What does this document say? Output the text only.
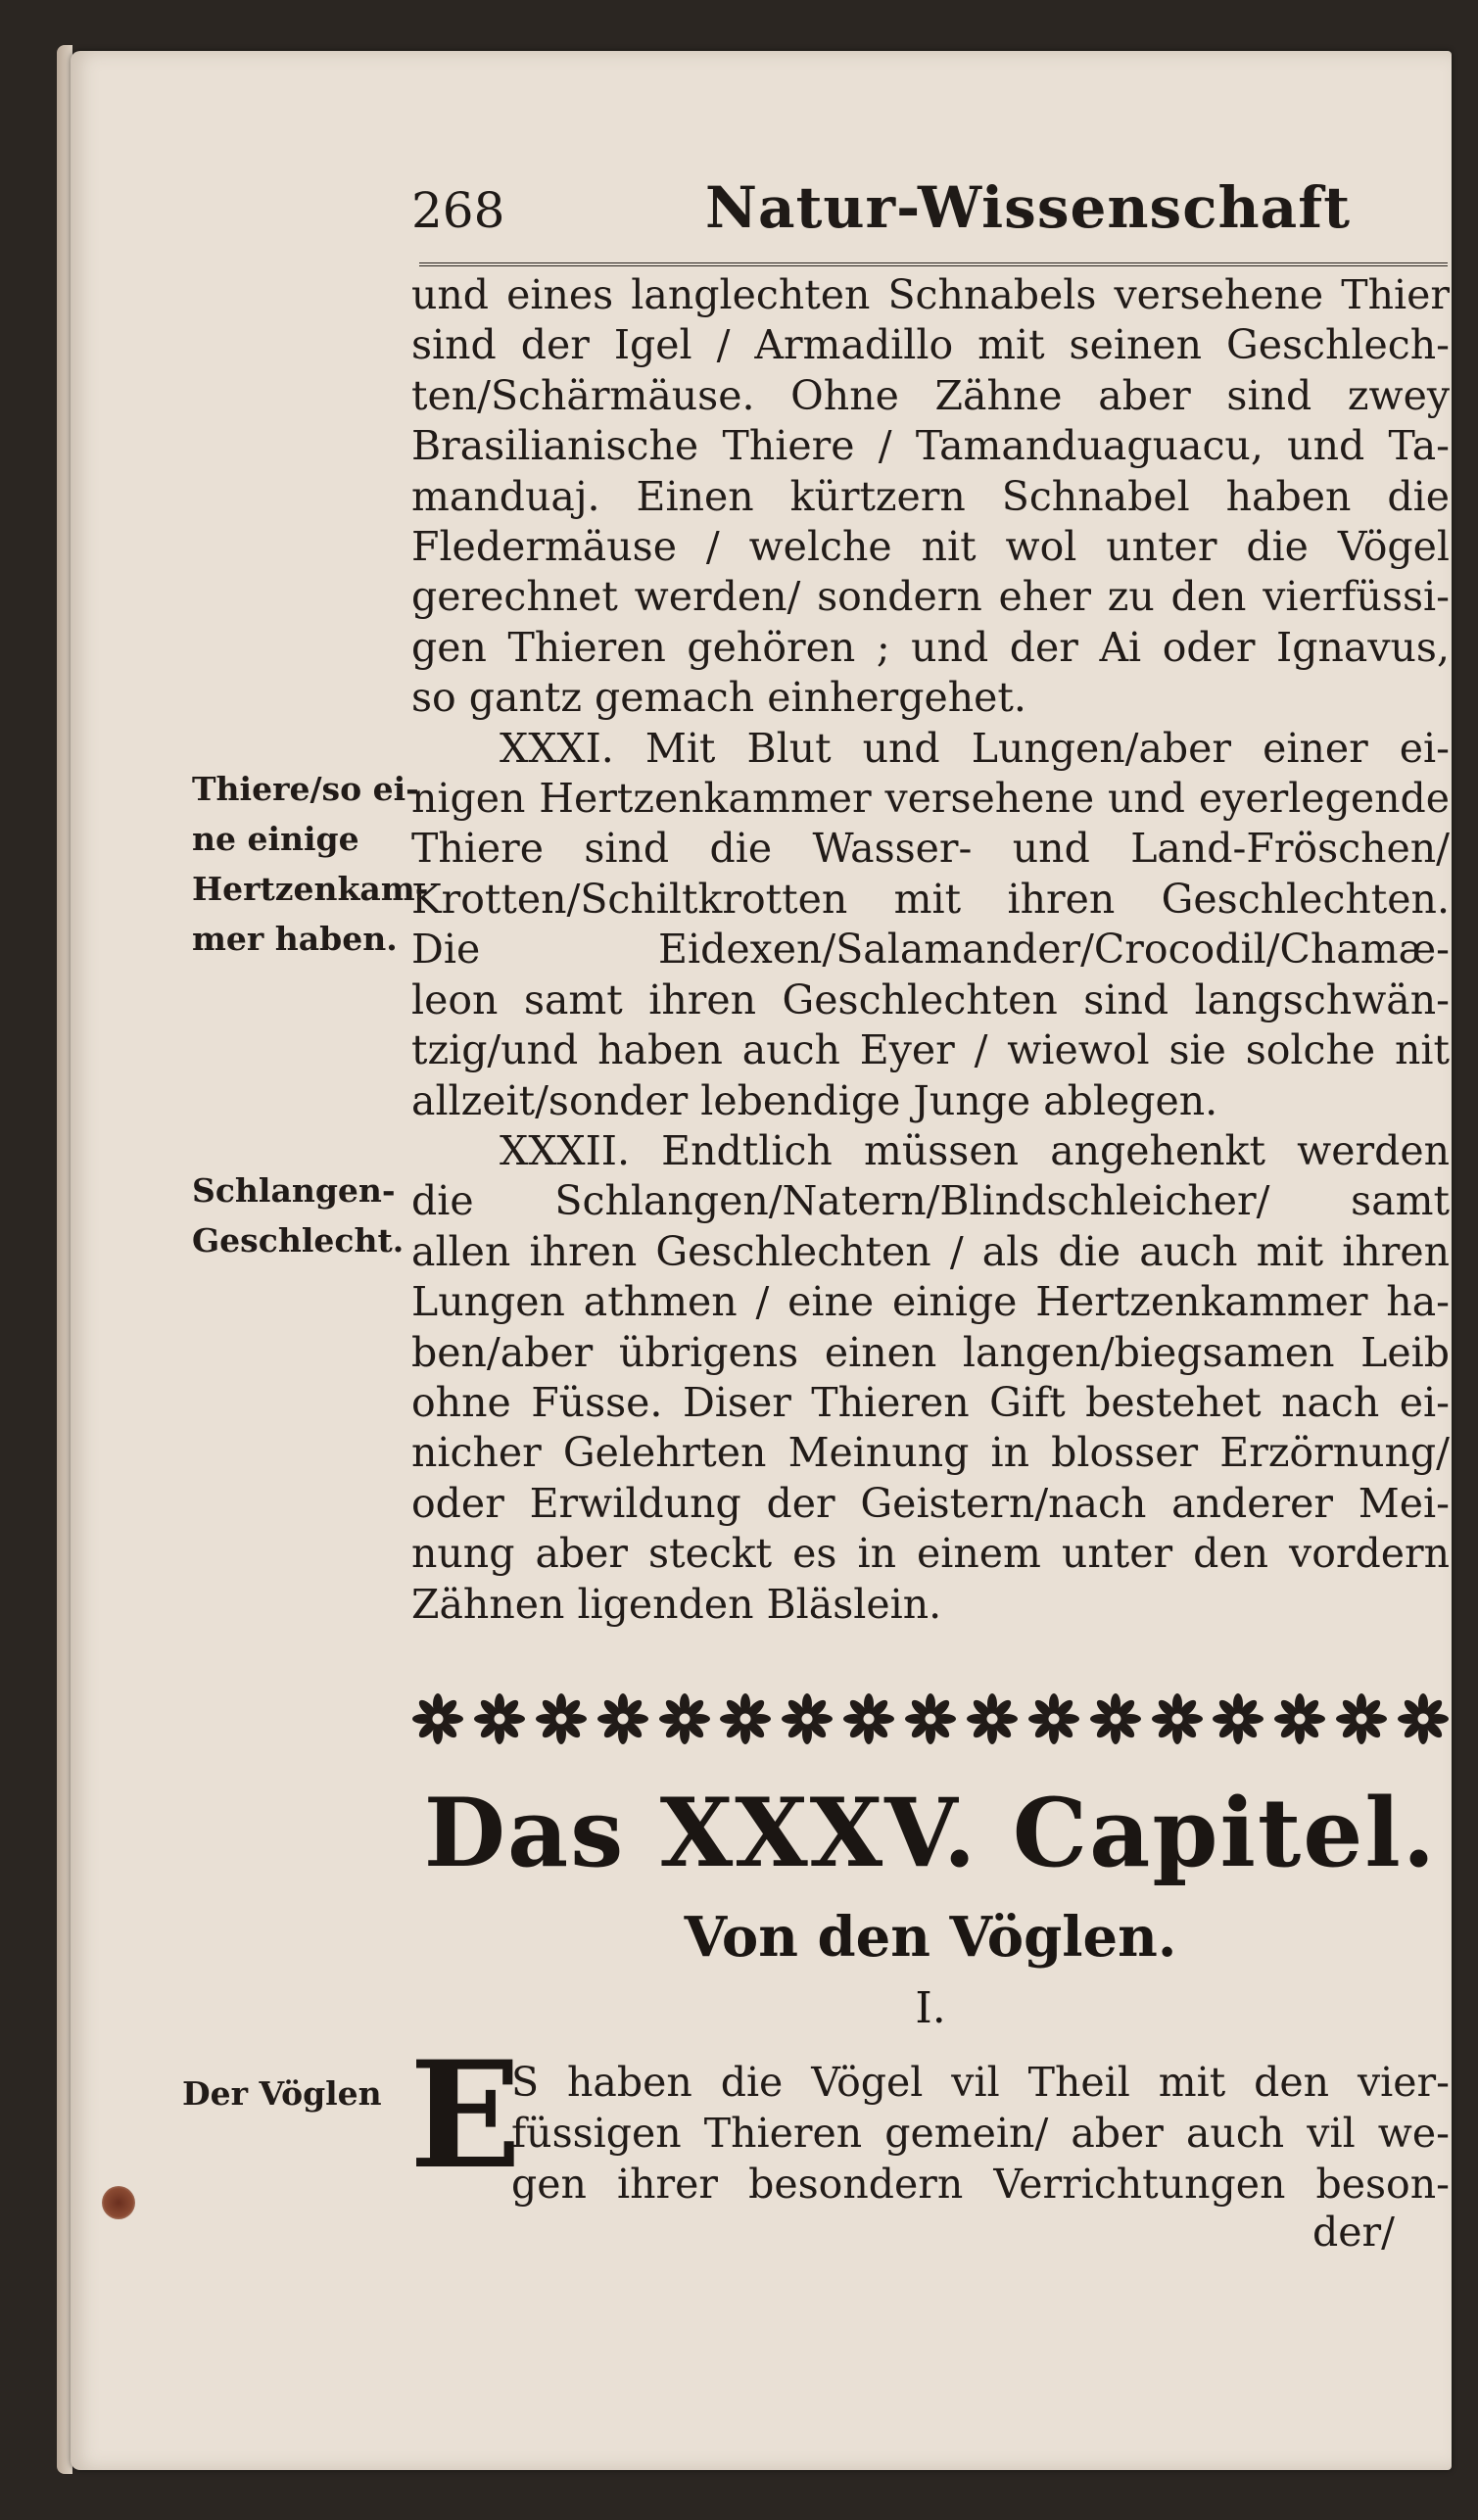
268	Natur-Wissenschaft
und eines langlechten Schnabels versehene Thier
sind der Igel / Armadillo mit seinen Geschlech-
ten/Schärmäuse. Ohne Zähne aber sind zwey
Brasilianische Thiere / Tamanduaguacu, und Ta-
manduaj. Einen kürtzern Schnabel haben die
Fledermäuse / welche nit wol unter die Vögel
gerechnet werden/ sondern eher zu den vierfüssi-
gen Thieren gehören ; und der Ai oder Ignavus,
so gantz gemach einhergehet.
XXXI. Mit Blut und Lungen/aber einer ei-
nigen Hertzenkammer versehene und eyerlegende
Thiere sind die Wasser- und Land-Fröschen/
Krotten/Schiltkrotten mit ihren Geschlechten.
Die Eidexen/Salamander/Crocodil/Chamæ-
leon samt ihren Geschlechten sind langschwän-
tzig/und haben auch Eyer / wiewol sie solche nit
allzeit/sonder lebendige Junge ablegen.
XXXII. Endtlich müssen angehenkt werden
die Schlangen/Natern/Blindschleicher/ samt
allen ihren Geschlechten / als die auch mit ihren
Lungen athmen / eine einige Hertzenkammer ha-
ben/aber übrigens einen langen/biegsamen Leib
ohne Füsse. Diser Thieren Gift bestehet nach ei-
nicher Gelehrten Meinung in blosser Erzörnung/
oder Erwildung der Geistern/nach anderer Mei-
nung aber steckt es in einem unter den vordern
Zähnen ligenden Bläslein.
Thiere/so ei-
ne einige
Hertzenkam-
mer haben.
Schlangen-
Geschlecht.
Der Vöglen
Das XXXV. Capitel.
Von den Vöglen.
I.
E
S haben die Vögel vil Theil mit den vier-
füssigen Thieren gemein/ aber auch vil we-
gen ihrer besondern Verrichtungen beson-
der/
